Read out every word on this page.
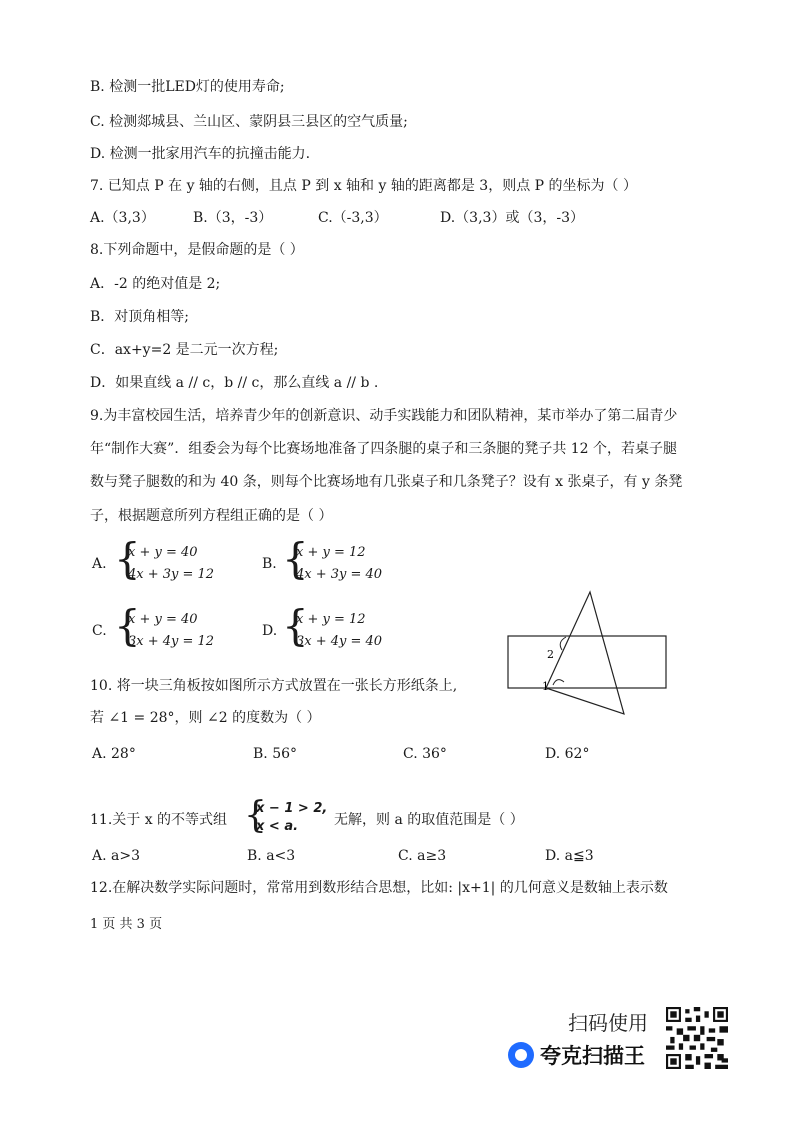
B. 检测一批LED灯的使用寿命;
C. 检测郯城县、兰山区、蒙阴县三县区的空气质量;
D. 检测一批家用汽车的抗撞击能力.
7. 已知点 P 在 y 轴的右侧，且点 P 到 x 轴和 y 轴的距离都是 3，则点 P 的坐标为（ ）
A.（3,3）	B.（3，-3）	C.（-3,3）	D.（3,3）或（3，-3）
8.下列命题中，是假命题的是（ ）
A．-2 的绝对值是 2;
B．对顶角相等;
C．ax+y=2 是二元一次方程;
D．如果直线 a // c，b // c，那么直线 a // b .
9.为丰富校园生活，培养青少年的创新意识、动手实践能力和团队精神，某市举办了第二届青少
年“制作大赛”．组委会为每个比赛场地准备了四条腿的桌子和三条腿的凳子共 12 个，若桌子腿
数与凳子腿数的和为 40 条，则每个比赛场地有几张桌子和几条凳子？设有 x 张桌子，有 y 条凳
子，根据题意所列方程组正确的是（ ）
A. {
x + y = 40
4x + 3y = 12
B. {
x + y = 12
4x + 3y = 40
C. {
x + y = 40
3x + 4y = 12
D. {
x + y = 12
3x + 4y = 40
2
1
10. 将一块三角板按如图所示方式放置在一张长方形纸条上,
若 ∠1 = 28°，则 ∠2 的度数为（ ）
A. 28°	B. 56°	C. 36°	D. 62°
11.关于 x 的不等式组 {
x − 1 > 2,
x < a.	无解，则 a 的取值范围是（ ）
A. a>3	B. a<3	C. a≥3	D. a≦3
12.在解决数学实际问题时，常常用到数形结合思想，比如: |x+1| 的几何意义是数轴上表示数
1 页 共 3 页
扫码使用
夸克扫描王
